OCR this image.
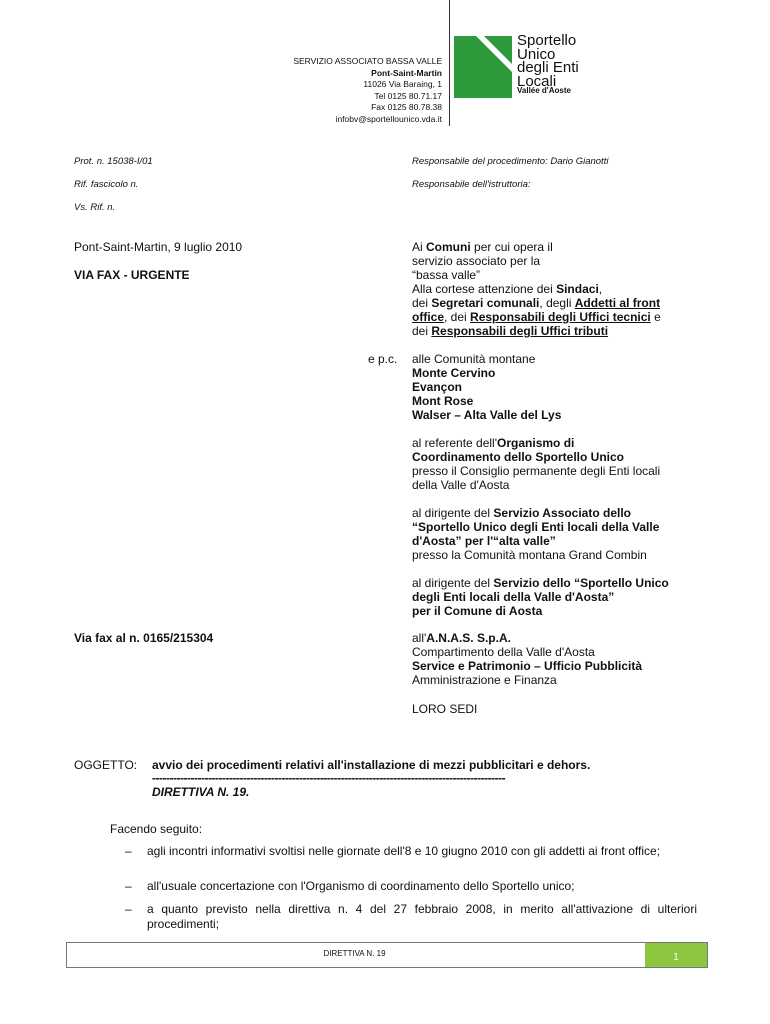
SERVIZIO ASSOCIATO BASSA VALLE
Pont-Saint-Martin
11026 Via Baraing, 1
Tel 0125 80.71.17
Fax 0125 80.78.38
infobv@sportellounico.vda.it
Sportello
Unico
degli Enti
Locali
Vallée d'Aoste
Prot. n. 15038-I/01
Rif. fascicolo n.
Vs. Rif. n.
Responsabile del procedimento: Dario Gianotti
Responsabile dell'istruttoria:
Pont-Saint-Martin, 9 luglio 2010
VIA FAX - URGENTE
Via fax al n. 0165/215304
Ai Comuni per cui opera il
servizio associato per la
“bassa valle”
Alla cortese attenzione dei Sindaci,
dei Segretari comunali, degli Addetti al front
office, dei Responsabili degli Uffici tecnici e
dei Responsabili degli Uffici tributi
e p.c. alle Comunità montane
Monte Cervino
Evançon
Mont Rose
Walser – Alta Valle del Lys
al referente dell'Organismo di
Coordinamento dello Sportello Unico
presso il Consiglio permanente degli Enti locali
della Valle d'Aosta
al dirigente del Servizio Associato dello
“Sportello Unico degli Enti locali della Valle
d'Aosta” per l'“alta valle”
presso la Comunità montana Grand Combin
al dirigente del Servizio dello “Sportello Unico
degli Enti locali della Valle d'Aosta”
per il Comune di Aosta
all'A.N.A.S. S.p.A.
Compartimento della Valle d'Aosta
Service e Patrimonio – Ufficio Pubblicità
Amministrazione e Finanza
LORO SEDI
OGGETTO: avvio dei procedimenti relativi all'installazione di mezzi pubblicitari e dehors.
-----------------------------------------------------------------------------------------------------
DIRETTIVA N. 19.
Facendo seguito:
– agli incontri informativi svoltisi nelle giornate dell'8 e 10 giugno 2010 con gli addetti ai front office;
– all'usuale concertazione con l'Organismo di coordinamento dello Sportello unico;
– a quanto previsto nella direttiva n. 4 del 27 febbraio 2008, in merito all'attivazione di ulteriori procedimenti;
DIRETTIVA N. 19	1
